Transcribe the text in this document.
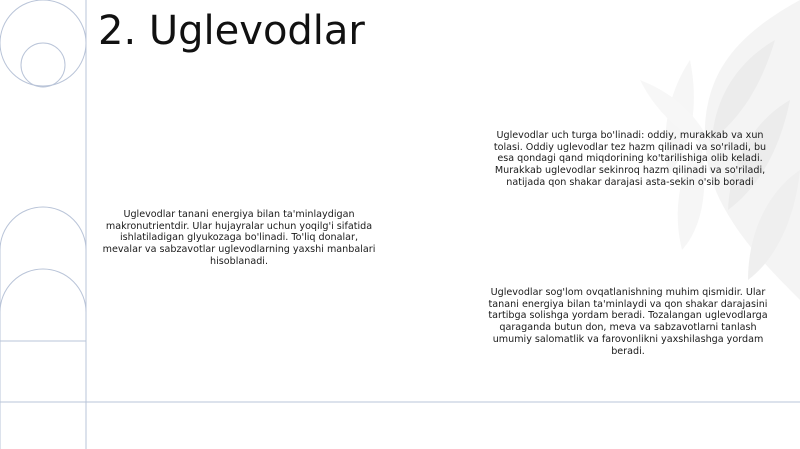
2. Uglevodlar
Uglevodlar tanani energiya bilan ta'minlaydigan makronutrientdir. Ular hujayralar uchun yoqilg'i sifatida ishlatiladigan glyukozaga bo'linadi. To'liq donalar, mevalar va sabzavotlar uglevodlarning yaxshi manbalari hisoblanadi.
Uglevodlar uch turga bo'linadi: oddiy, murakkab va xun tolasi. Oddiy uglevodlar tez hazm qilinadi va so'riladi, bu esa qondagi qand miqdorining ko'tarilishiga olib keladi. Murakkab uglevodlar sekinroq hazm qilinadi va so'riladi, natijada qon shakar darajasi asta-sekin o'sib boradi
Uglevodlar sog'lom ovqatlanishning muhim qismidir. Ular tanani energiya bilan ta'minlaydi va qon shakar darajasini tartibga solishga yordam beradi. Tozalangan uglevodlarga qaraganda butun don, meva va sabzavotlarni tanlash umumiy salomatlik va farovonlikni yaxshilashga yordam beradi.
